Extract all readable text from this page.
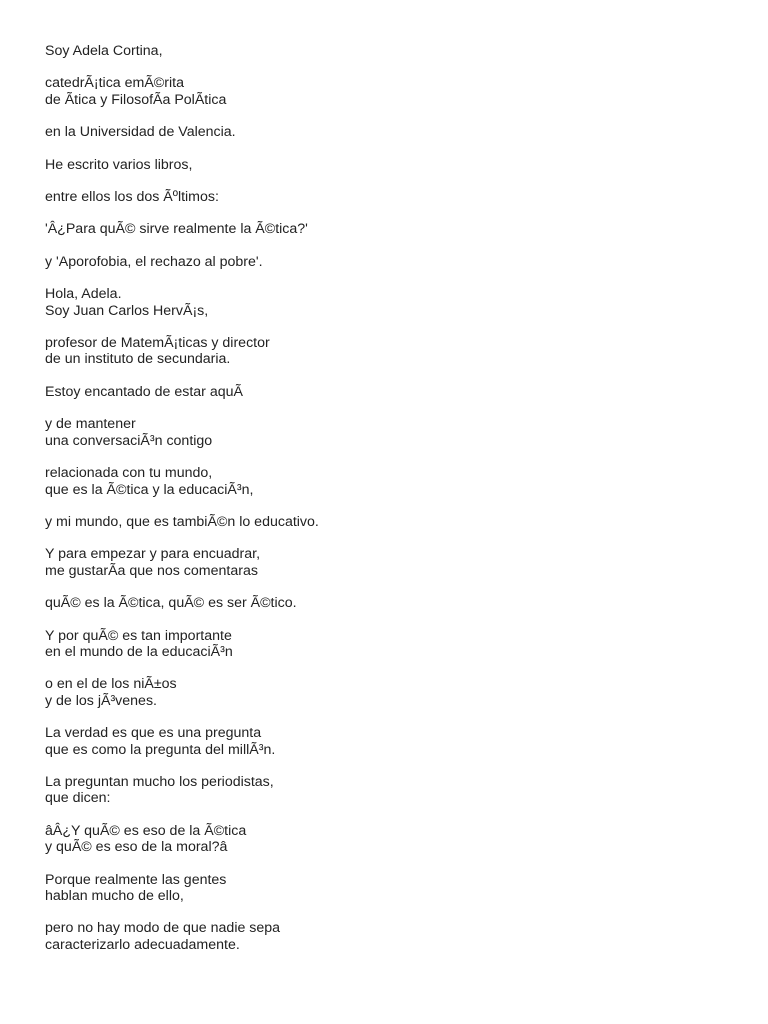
Soy Adela Cortina,
catedrÃ¡tica emÃ©rita
de Ãtica y FilosofÃa PolÃtica
en la Universidad de Valencia.
He escrito varios libros,
entre ellos los dos Ãºltimos:
'Â¿Para quÃ© sirve realmente la Ã©tica?'
y 'Aporofobia, el rechazo al pobre'.
Hola, Adela.
Soy Juan Carlos HervÃ¡s,
profesor de MatemÃ¡ticas y director
de un instituto de secundaria.
Estoy encantado de estar aquÃ
y de mantener
una conversaciÃ³n contigo
relacionada con tu mundo,
que es la Ã©tica y la educaciÃ³n,
y mi mundo, que es tambiÃ©n lo educativo.
Y para empezar y para encuadrar,
me gustarÃa que nos comentaras
quÃ© es la Ã©tica, quÃ© es ser Ã©tico.
Y por quÃ© es tan importante
en el mundo de la educaciÃ³n
o en el de los niÃ±os
y de los jÃ³venes.
La verdad es que es una pregunta
que es como la pregunta del millÃ³n.
La preguntan mucho los periodistas,
que dicen:
âÂ¿Y quÃ© es eso de la Ã©tica
y quÃ© es eso de la moral?â
Porque realmente las gentes
hablan mucho de ello,
pero no hay modo de que nadie sepa
caracterizarlo adecuadamente.
